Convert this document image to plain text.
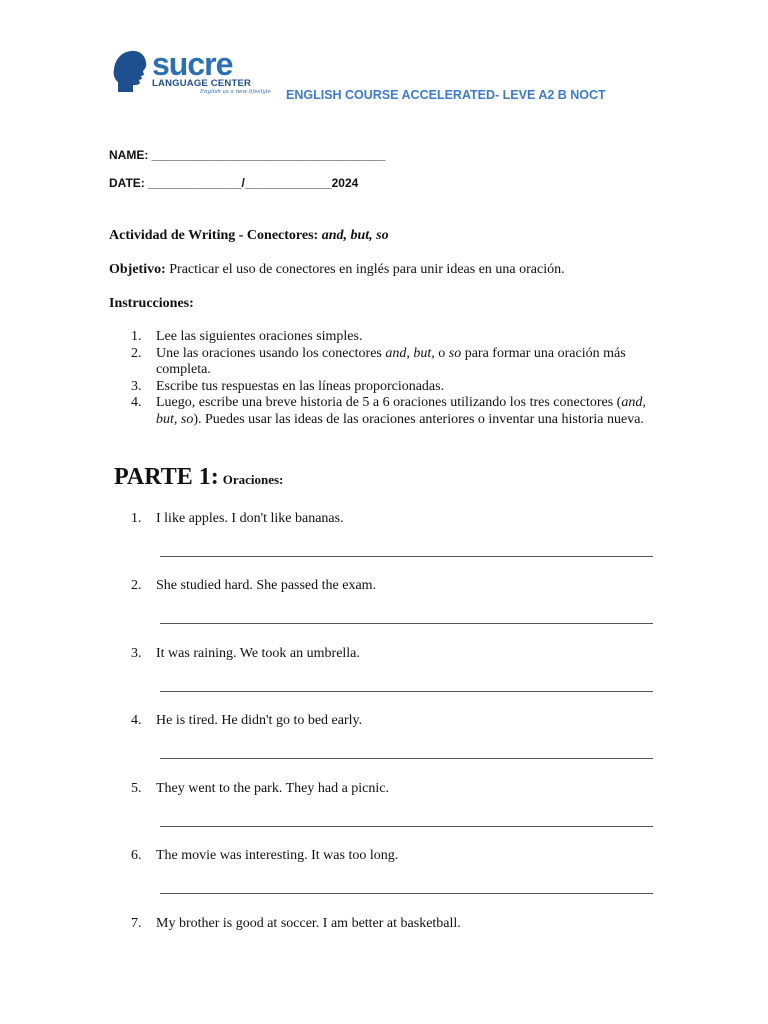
sucre
LANGUAGE CENTER
English as a new lifestyle ENGLISH COURSE ACCELERATED- LEVE A2 B NOCT
NAME: ___________________________________
DATE: ______________/_____________2024
Actividad de Writing - Conectores: and, but, so
Objetivo: Practicar el uso de conectores en inglés para unir ideas en una oración.
Instrucciones:
1. Lee las siguientes oraciones simples.
2. Une las oraciones usando los conectores and, but, o so para formar una oración más completa.
3. Escribe tus respuestas en las líneas proporcionadas.
4. Luego, escribe una breve historia de 5 a 6 oraciones utilizando los tres conectores (and, but, so). Puedes usar las ideas de las oraciones anteriores o inventar una historia nueva.
PARTE 1: Oraciones:
1. I like apples. I don't like bananas.
2. She studied hard. She passed the exam.
3. It was raining. We took an umbrella.
4. He is tired. He didn't go to bed early.
5. They went to the park. They had a picnic.
6. The movie was interesting. It was too long.
7. My brother is good at soccer. I am better at basketball.
